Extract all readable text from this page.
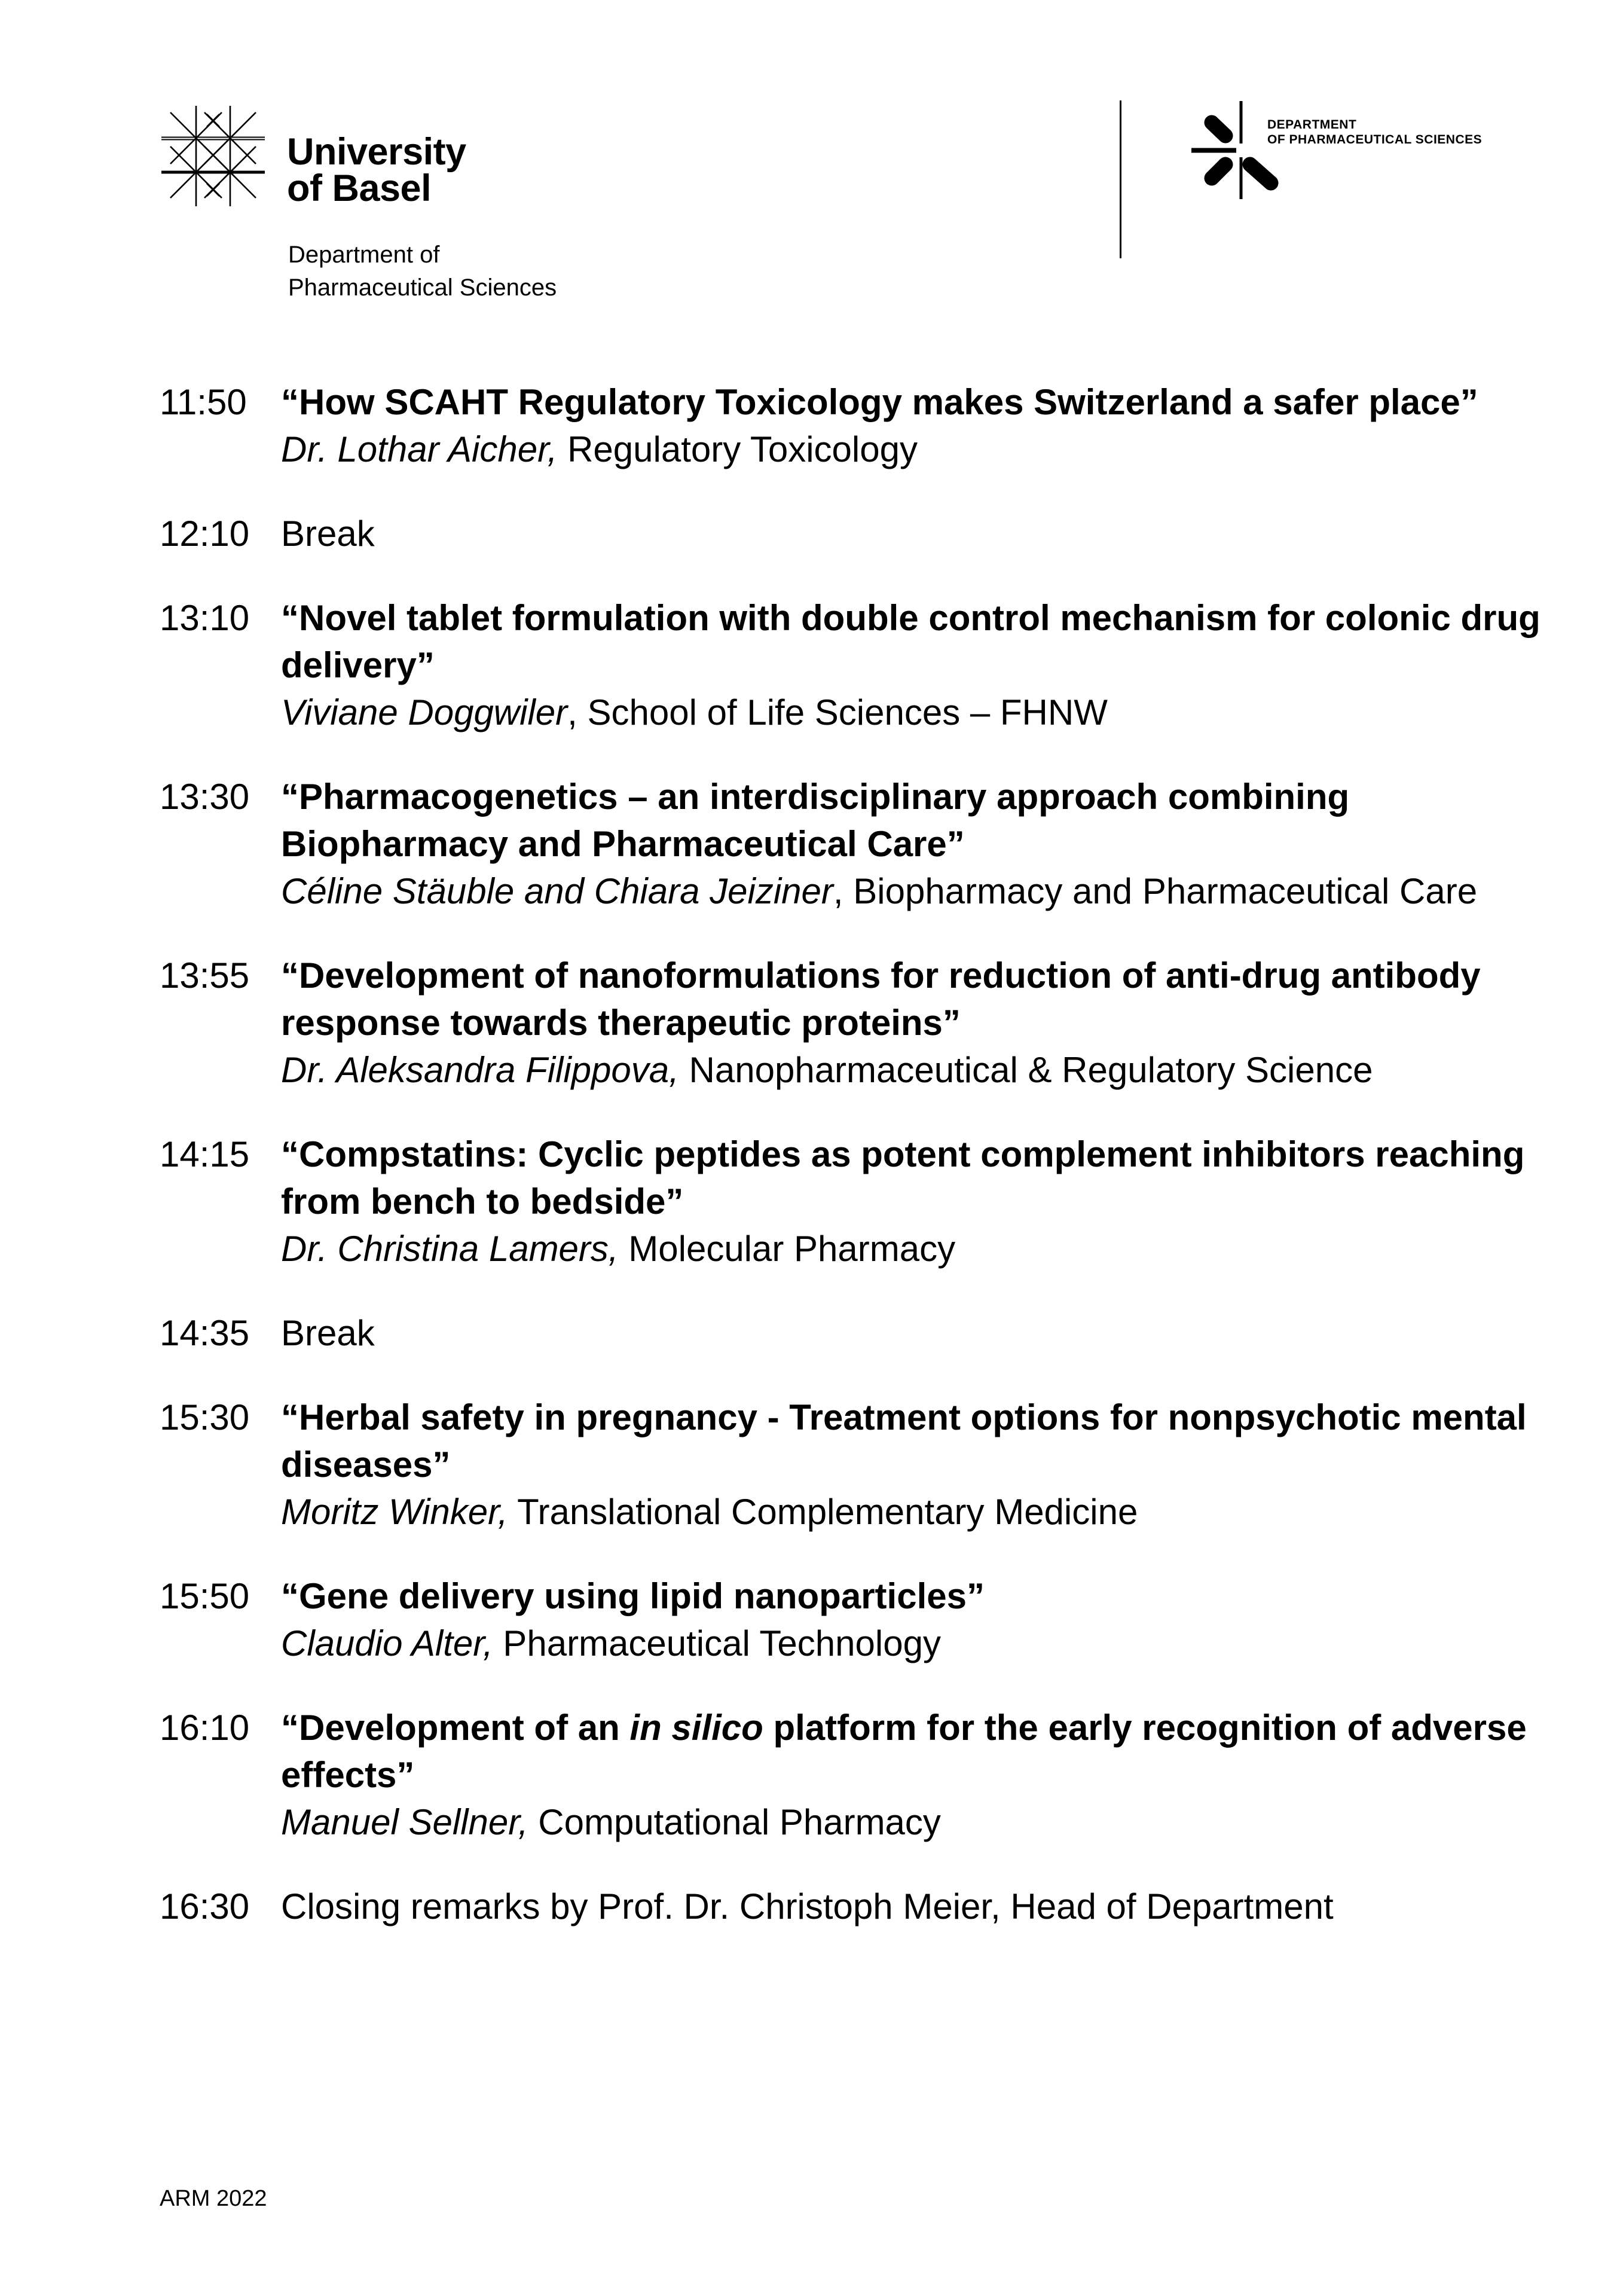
University
of Basel
Department of
Pharmaceutical Sciences
DEPARTMENT
OF PHARMACEUTICAL SCIENCES
11:50 “How SCAHT Regulatory Toxicology makes Switzerland a safer place”
Dr. Lothar Aicher, Regulatory Toxicology
12:10 Break
13:10 “Novel tablet formulation with double control mechanism for colonic drug delivery”
Viviane Doggwiler, School of Life Sciences – FHNW
13:30 “Pharmacogenetics – an interdisciplinary approach combining Biopharmacy and Pharmaceutical Care”
Céline Stäuble and Chiara Jeiziner, Biopharmacy and Pharmaceutical Care
13:55 “Development of nanoformulations for reduction of anti-drug antibody response towards therapeutic proteins”
Dr. Aleksandra Filippova, Nanopharmaceutical & Regulatory Science
14:15 “Compstatins: Cyclic peptides as potent complement inhibitors reaching from bench to bedside”
Dr. Christina Lamers, Molecular Pharmacy
14:35 Break
15:30 “Herbal safety in pregnancy - Treatment options for nonpsychotic mental diseases”
Moritz Winker, Translational Complementary Medicine
15:50 “Gene delivery using lipid nanoparticles”
Claudio Alter, Pharmaceutical Technology
16:10 “Development of an in silico platform for the early recognition of adverse effects”
Manuel Sellner, Computational Pharmacy
16:30 Closing remarks by Prof. Dr. Christoph Meier, Head of Department
ARM 2022
